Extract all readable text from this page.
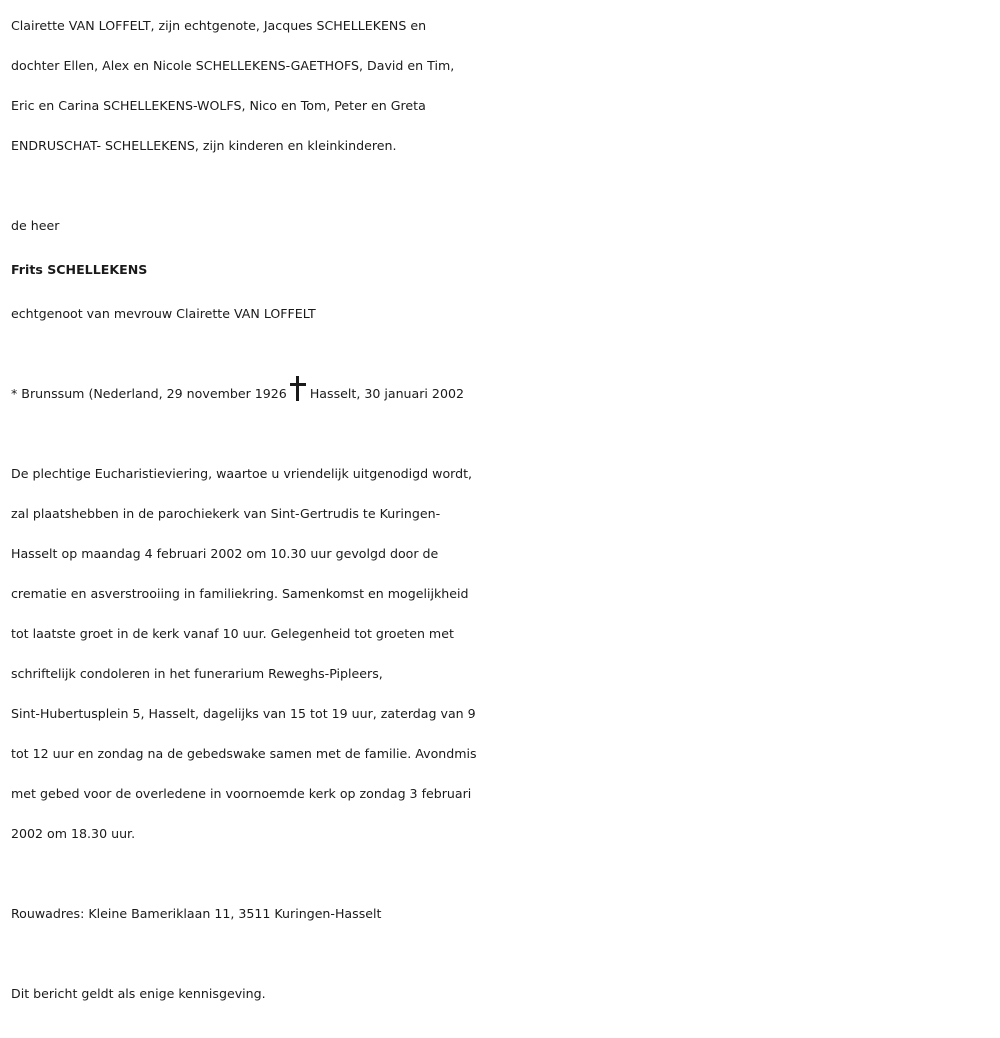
Clairette VAN LOFFELT, zijn echtgenote, Jacques SCHELLEKENS en
dochter Ellen, Alex en Nicole SCHELLEKENS-GAETHOFS, David en Tim,
Eric en Carina SCHELLEKENS-WOLFS, Nico en Tom, Peter en Greta
ENDRUSCHAT- SCHELLEKENS, zijn kinderen en kleinkinderen.
de heer
Frits SCHELLEKENS
echtgenoot van mevrouw Clairette VAN LOFFELT
* Brunssum (Nederland, 29 november 1926 Hasselt, 30 januari 2002
De plechtige Eucharistieviering, waartoe u vriendelijk uitgenodigd wordt,
zal plaatshebben in de parochiekerk van Sint-Gertrudis te Kuringen-
Hasselt op maandag 4 februari 2002 om 10.30 uur gevolgd door de
crematie en asverstrooiing in familiekring. Samenkomst en mogelijkheid
tot laatste groet in de kerk vanaf 10 uur. Gelegenheid tot groeten met
schriftelijk condoleren in het funerarium Reweghs-Pipleers,
Sint-Hubertusplein 5, Hasselt, dagelijks van 15 tot 19 uur, zaterdag van 9
tot 12 uur en zondag na de gebedswake samen met de familie. Avondmis
met gebed voor de overledene in voornoemde kerk op zondag 3 februari
2002 om 18.30 uur.
Rouwadres: Kleine Bameriklaan 11, 3511 Kuringen-Hasselt
Dit bericht geldt als enige kennisgeving.
